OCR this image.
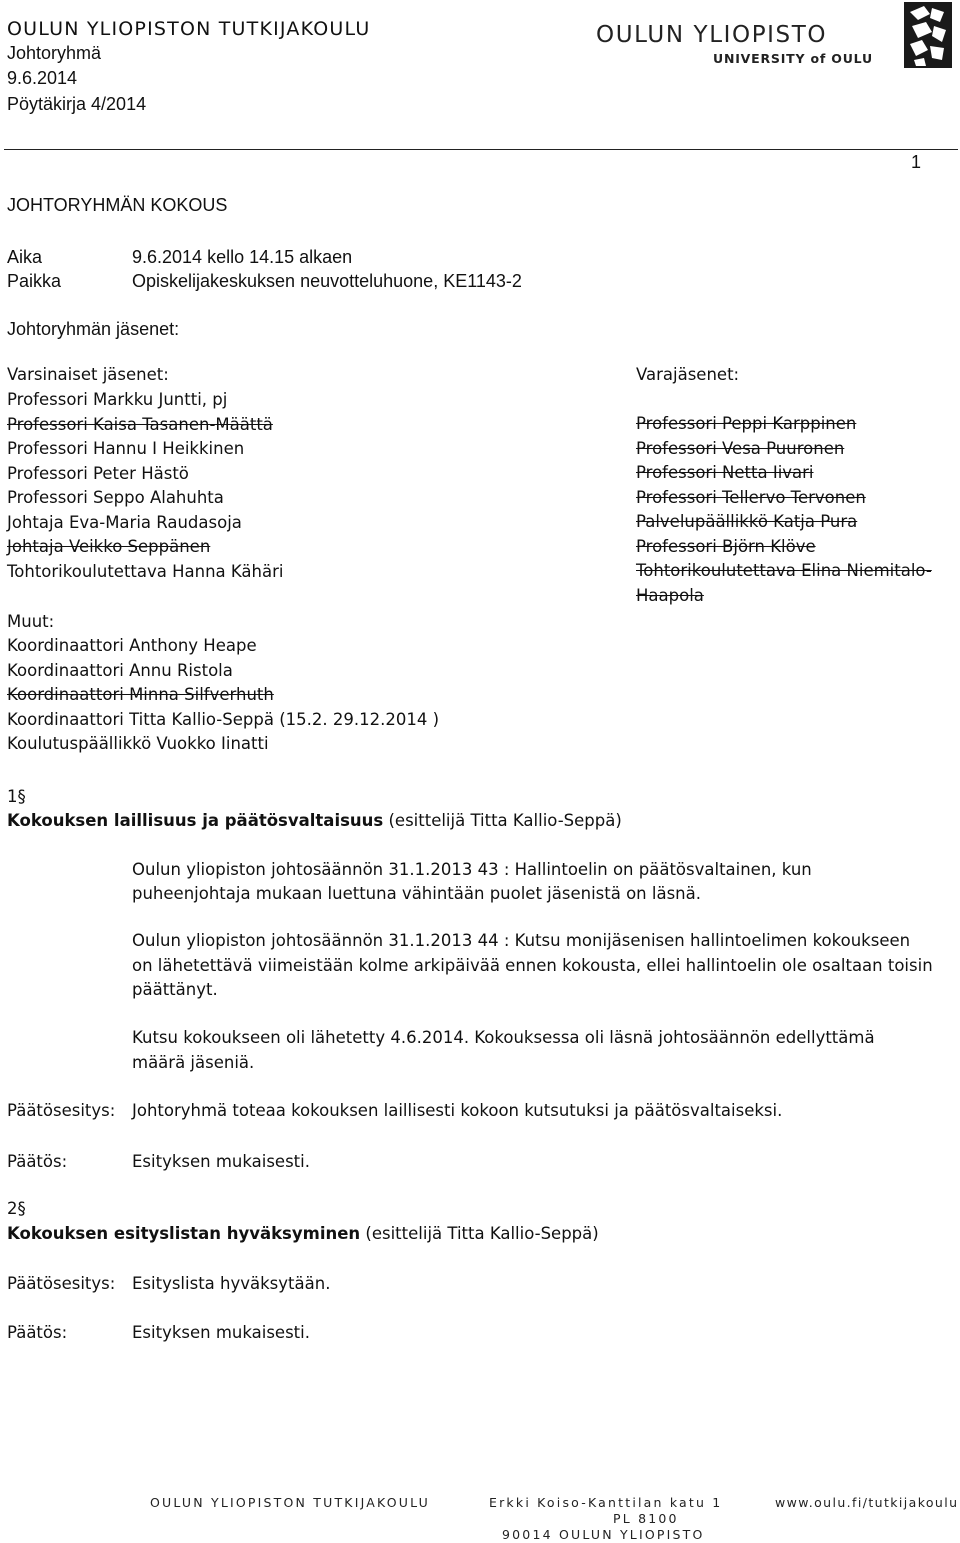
OULUN YLIOPISTON TUTKIJAKOULU
Johtoryhmä
9.6.2014
Pöytäkirja 4/2014
OULUN YLIOPISTO
UNIVERSITY of OULU
1
JOHTORYHMÄN KOKOUS
Aika	9.6.2014 kello 14.15 alkaen
Paikka	Opiskelijakeskuksen neuvotteluhuone, KE1143-2
Johtoryhmän jäsenet:
Varsinaiset jäsenet:
Professori Markku Juntti, pj
Professori Kaisa Tasanen-Määttä
Professori Hannu I Heikkinen
Professori Peter Hästö
Professori Seppo Alahuhta
Johtaja Eva-Maria Raudasoja
Johtaja Veikko Seppänen
Tohtorikoulutettava Hanna Kähäri
Muut:
Koordinaattori Anthony Heape
Koordinaattori Annu Ristola
Koordinaattori Minna Silfverhuth
Koordinaattori Titta Kallio-Seppä (15.2. 29.12.2014 )
Koulutuspäällikkö Vuokko Iinatti
Varajäsenet:
Professori Peppi Karppinen
Professori Vesa Puuronen
Professori Netta Iivari
Professori Tellervo Tervonen
Palvelupäällikkö Katja Pura
Professori Björn Klöve
Tohtorikoulutettava Elina Niemitalo-
Haapola
1§
Kokouksen laillisuus ja päätösvaltaisuus (esittelijä Titta Kallio-Seppä)
Oulun yliopiston johtosäännön 31.1.2013 43 : Hallintoelin on päätösvaltainen, kun
puheenjohtaja mukaan luettuna vähintään puolet jäsenistä on läsnä.
Oulun yliopiston johtosäännön 31.1.2013 44 : Kutsu monijäsenisen hallintoelimen kokoukseen
on lähetettävä viimeistään kolme arkipäivää ennen kokousta, ellei hallintoelin ole osaltaan toisin
päättänyt.
Kutsu kokoukseen oli lähetetty 4.6.2014. Kokouksessa oli läsnä johtosäännön edellyttämä
määrä jäseniä.
Päätösesitys: Johtoryhmä toteaa kokouksen laillisesti kokoon kutsutuksi ja päätösvaltaiseksi.
Päätös:	Esityksen mukaisesti.
2§
Kokouksen esityslistan hyväksyminen (esittelijä Titta Kallio-Seppä)
Päätösesitys: Esityslista hyväksytään.
Päätös:	Esityksen mukaisesti.
OULUN YLIOPISTON TUTKIJAKOULU	Erkki Koiso-Kanttilan katu 1
PL 8100
90014 OULUN YLIOPISTO
www.oulu.fi/tutkijakoulu
